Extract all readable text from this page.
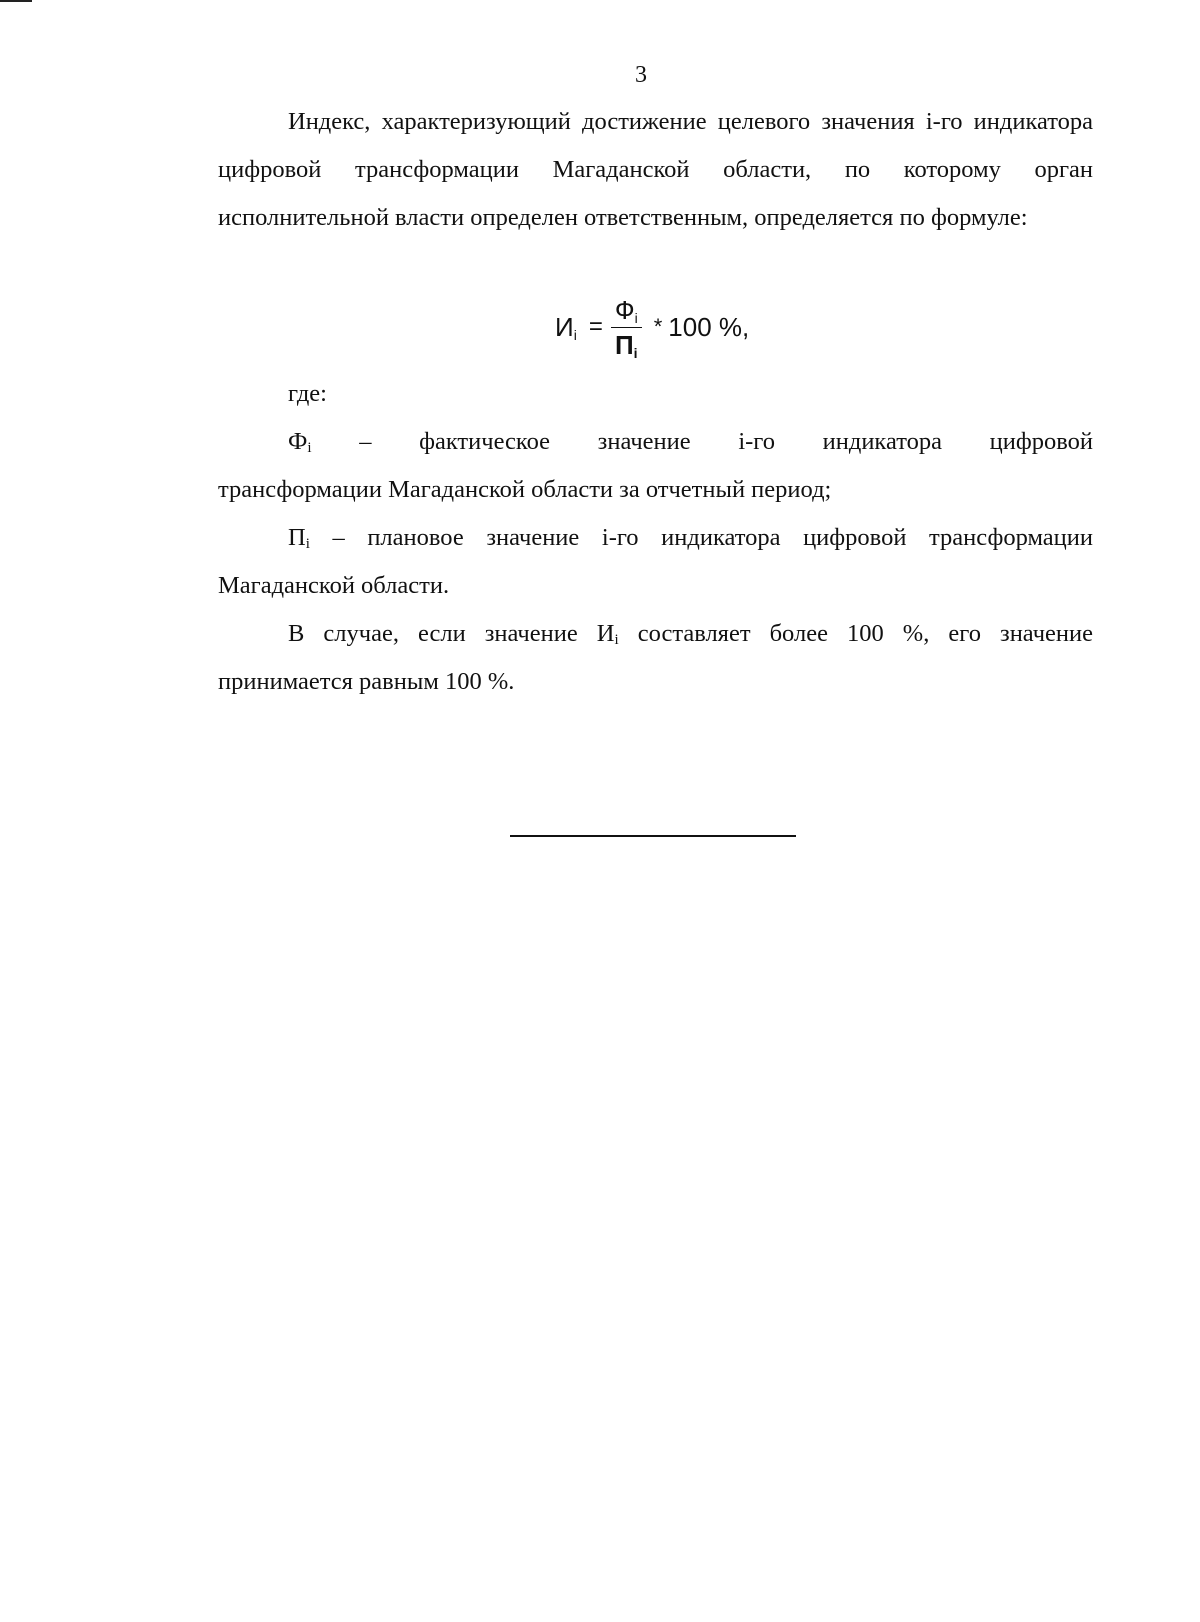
3

Индекс, характеризующий достижение целевого значения i-го индикатора цифровой трансформации Магаданской области, по которому орган исполнительной власти определен ответственным, определяется по формуле:

$И_i = \frac{Ф_i}{П_i} * 100$ %,

где:

$Ф_i$ – фактическое значение i-го индикатора цифровой
трансформации Магаданской области за отчетный период;

$П_i$ – плановое значение i-го индикатора цифровой трансформации Магаданской области.

В случае, если значение $И_i$ составляет более 100 %, его значение принимается равным 100 %.
